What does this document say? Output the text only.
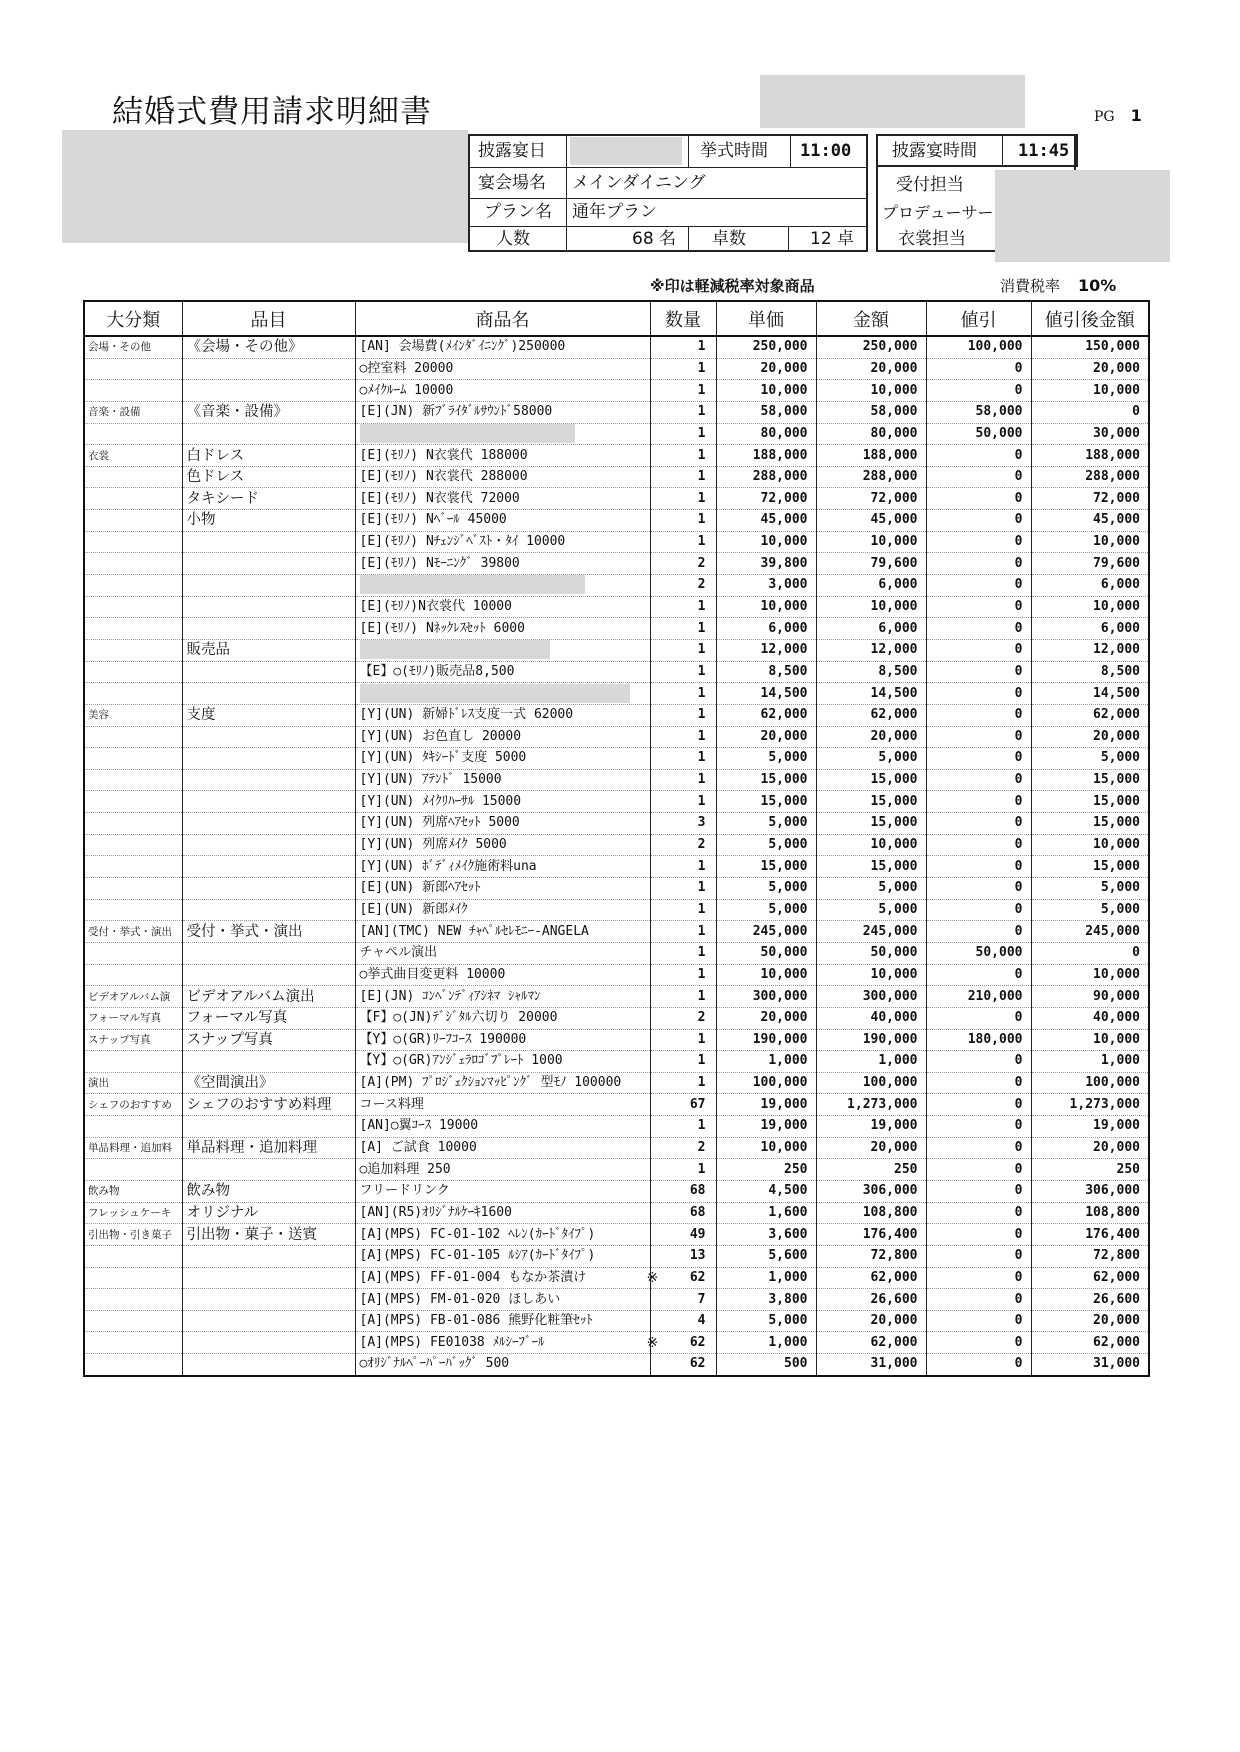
結婚式費用請求明細書	PG 1
披露宴日	挙式時間 11:00
宴会場名 メインダイニング
プラン名 通年プラン
人数	68 名 卓数	12 卓
披露宴時間 11:45
受付担当
プロデューサー
衣裳担当
※印は軽減税率対象商品	消費税率 10%
大分類	品目	商品名	数量	単価	金額	値引	値引後金額
会場・その他	《会場・その他》	[AN] 会場費(ﾒｲﾝﾀﾞｲﾆﾝｸﾞ)250000	1	250,000	250,000	100,000	150,000
		○控室料 20000	1	20,000	20,000	0	20,000
		○ﾒｲｸﾙｰﾑ 10000	1	10,000	10,000	0	10,000
音楽・設備	《音楽・設備》	[E](JN) 新ﾌﾞﾗｲﾀﾞﾙｻｳﾝﾄﾞ58000	1	58,000	58,000	58,000	0
			1	80,000	80,000	50,000	30,000
衣裳	白ドレス	[E](ﾓﾘﾉ) N衣裳代 188000	1	188,000	188,000	0	188,000
	色ドレス	[E](ﾓﾘﾉ) N衣裳代 288000	1	288,000	288,000	0	288,000
	タキシード	[E](ﾓﾘﾉ) N衣裳代 72000	1	72,000	72,000	0	72,000
	小物	[E](ﾓﾘﾉ) Nﾍﾞｰﾙ 45000	1	45,000	45,000	0	45,000
		[E](ﾓﾘﾉ) Nﾁｪﾝｼﾞﾍﾞｽﾄ・ﾀｲ 10000	1	10,000	10,000	0	10,000
		[E](ﾓﾘﾉ) Nﾓｰﾆﾝｸﾞ 39800	2	39,800	79,600	0	79,600
			2	3,000	6,000	0	6,000
		[E](ﾓﾘﾉ)N衣裳代 10000	1	10,000	10,000	0	10,000
		[E](ﾓﾘﾉ) Nﾈｯｸﾚｽｾｯﾄ 6000	1	6,000	6,000	0	6,000
	販売品		1	12,000	12,000	0	12,000
		【E】○(ﾓﾘﾉ)販売品8,500	1	8,500	8,500	0	8,500
			1	14,500	14,500	0	14,500
美容	支度	[Y](UN) 新婦ﾄﾞﾚｽ支度一式 62000	1	62,000	62,000	0	62,000
		[Y](UN) お色直し 20000	1	20,000	20,000	0	20,000
		[Y](UN) ﾀｷｼｰﾄﾞ支度 5000	1	5,000	5,000	0	5,000
		[Y](UN) ｱﾃﾝﾄﾞ 15000	1	15,000	15,000	0	15,000
		[Y](UN) ﾒｲｸﾘﾊｰｻﾙ 15000	1	15,000	15,000	0	15,000
		[Y](UN) 列席ﾍｱｾｯﾄ 5000	3	5,000	15,000	0	15,000
		[Y](UN) 列席ﾒｲｸ 5000	2	5,000	10,000	0	10,000
		[Y](UN) ﾎﾞﾃﾞｨﾒｲｸ施術料una	1	15,000	15,000	0	15,000
		[E](UN) 新郎ﾍｱｾｯﾄ	1	5,000	5,000	0	5,000
		[E](UN) 新郎ﾒｲｸ	1	5,000	5,000	0	5,000
受付・挙式・演出	受付・挙式・演出	[AN](TMC) NEW ﾁｬﾍﾟﾙｾﾚﾓﾆｰ-ANGELA	1	245,000	245,000	0	245,000
		チャペル演出	1	50,000	50,000	50,000	0
		○挙式曲目変更料 10000	1	10,000	10,000	0	10,000
ビデオアルバム演	ビデオアルバム演出	[E](JN) ｺﾝﾍﾞﾝﾃﾞｨｱｼﾈﾏ ｼｬﾙﾏﾝ	1	300,000	300,000	210,000	90,000
フォーマル写真	フォーマル写真	【F】○(JN)ﾃﾞｼﾞﾀﾙ六切り 20000	2	20,000	40,000	0	40,000
スナップ写真	スナップ写真	【Y】○(GR)ﾘｰﾌｺｰｽ 190000	1	190,000	190,000	180,000	10,000
		【Y】○(GR)ｱﾝｼﾞｪﾗﾛｺﾞﾌﾟﾚｰﾄ 1000	1	1,000	1,000	0	1,000
演出	《空間演出》	[A](PM) ﾌﾟﾛｼﾞｪｸｼｮﾝﾏｯﾋﾟﾝｸﾞ 型ﾓﾉ 100000	1	100,000	100,000	0	100,000
シェフのおすすめ	シェフのおすすめ料理	コース料理	67	19,000	1,273,000	0	1,273,000
		[AN]○翼ｺｰｽ 19000	1	19,000	19,000	0	19,000
単品料理・追加料	単品料理・追加料理	[A] ご試食 10000	2	10,000	20,000	0	20,000
		○追加料理 250	1	250	250	0	250
飲み物	飲み物	フリードリンク	68	4,500	306,000	0	306,000
フレッシュケーキ	オリジナル	[AN](R5)ｵﾘｼﾞﾅﾙｹｰｷ1600	68	1,600	108,800	0	108,800
引出物・引き菓子	引出物・菓子・送賓	[A](MPS) FC-01-102 ﾍﾚﾝ(ｶｰﾄﾞﾀｲﾌﾟ)	49	3,600	176,400	0	176,400
		[A](MPS) FC-01-105 ﾙｼｱ(ｶｰﾄﾞﾀｲﾌﾟ)	13	5,600	72,800	0	72,800
		[A](MPS) FF-01-004 もなか茶漬け	※ 62	1,000	62,000	0	62,000
		[A](MPS) FM-01-020 ほしあい	7	3,800	26,600	0	26,600
		[A](MPS) FB-01-086 熊野化粧筆ｾｯﾄ	4	5,000	20,000	0	20,000
		[A](MPS) FE01038 ﾒﾙｼｰﾌﾞｰﾙ	※ 62	1,000	62,000	0	62,000
		○ｵﾘｼﾞﾅﾙﾍﾟｰﾊﾟｰﾊﾞｯｸﾞ 500	62	500	31,000	0	31,000
